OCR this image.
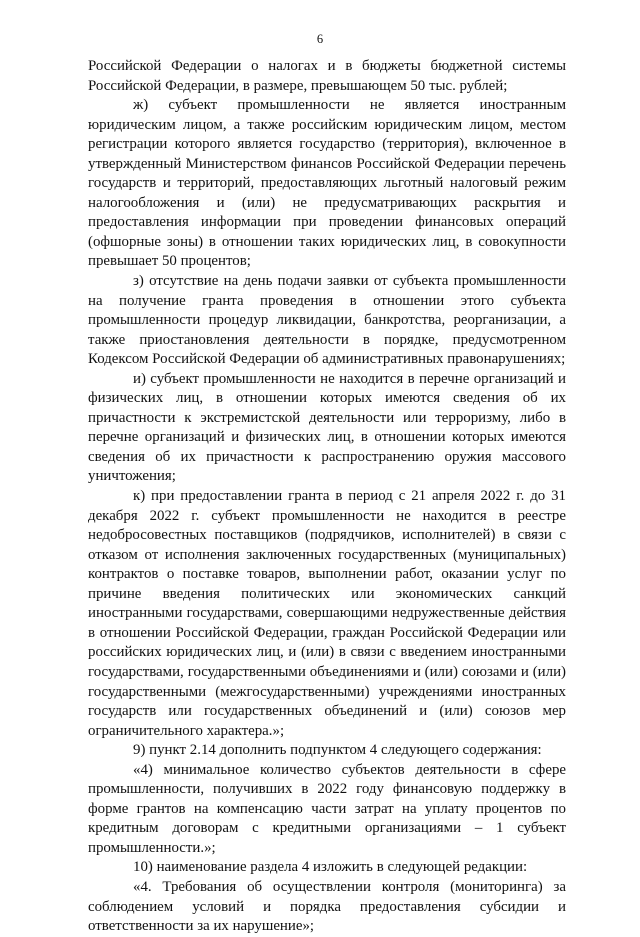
6

Российской Федерации о налогах и в бюджеты бюджетной системы Российской Федерации, в размере, превышающем 50 тыс. рублей;

ж) субъект промышленности не является иностранным юридическим лицом, а также российским юридическим лицом, местом регистрации которого является государство (территория), включенное в утвержденный Министерством финансов Российской Федерации перечень государств и территорий, предоставляющих льготный налоговый режим налогообложения и (или) не предусматривающих раскрытия и предоставления информации при проведении финансовых операций (офшорные зоны) в отношении таких юридических лиц, в совокупности превышает 50 процентов;

з) отсутствие на день подачи заявки от субъекта промышленности на получение гранта проведения в отношении этого субъекта промышленности процедур ликвидации, банкротства, реорганизации, а также приостановления деятельности в порядке, предусмотренном Кодексом Российской Федерации об административных правонарушениях;

и) субъект промышленности не находится в перечне организаций и физических лиц, в отношении которых имеются сведения об их причастности к экстремистской деятельности или терроризму, либо в перечне организаций и физических лиц, в отношении которых имеются сведения об их причастности к распространению оружия массового уничтожения;

к) при предоставлении гранта в период с 21 апреля 2022 г. до 31 декабря 2022 г. субъект промышленности не находится в реестре недобросовестных поставщиков (подрядчиков, исполнителей) в связи с отказом от исполнения заключенных государственных (муниципальных) контрактов о поставке товаров, выполнении работ, оказании услуг по причине введения политических или экономических санкций иностранными государствами, совершающими недружественные действия в отношении Российской Федерации, граждан Российской Федерации или российских юридических лиц, и (или) в связи с введением иностранными государствами, государственными объединениями и (или) союзами и (или) государственными (межгосударственными) учреждениями иностранных государств или государственных объединений и (или) союзов мер ограничительного характера.»;

9) пункт 2.14 дополнить подпунктом 4 следующего содержания:

«4) минимальное количество субъектов деятельности в сфере промышленности, получивших в 2022 году финансовую поддержку в форме грантов на компенсацию части затрат на уплату процентов по кредитным договорам с кредитными организациями – 1 субъект промышленности.»;

10) наименование раздела 4 изложить в следующей редакции:

«4. Требования об осуществлении контроля (мониторинга) за соблюдением условий и порядка предоставления субсидии и ответственности за их нарушение»;
